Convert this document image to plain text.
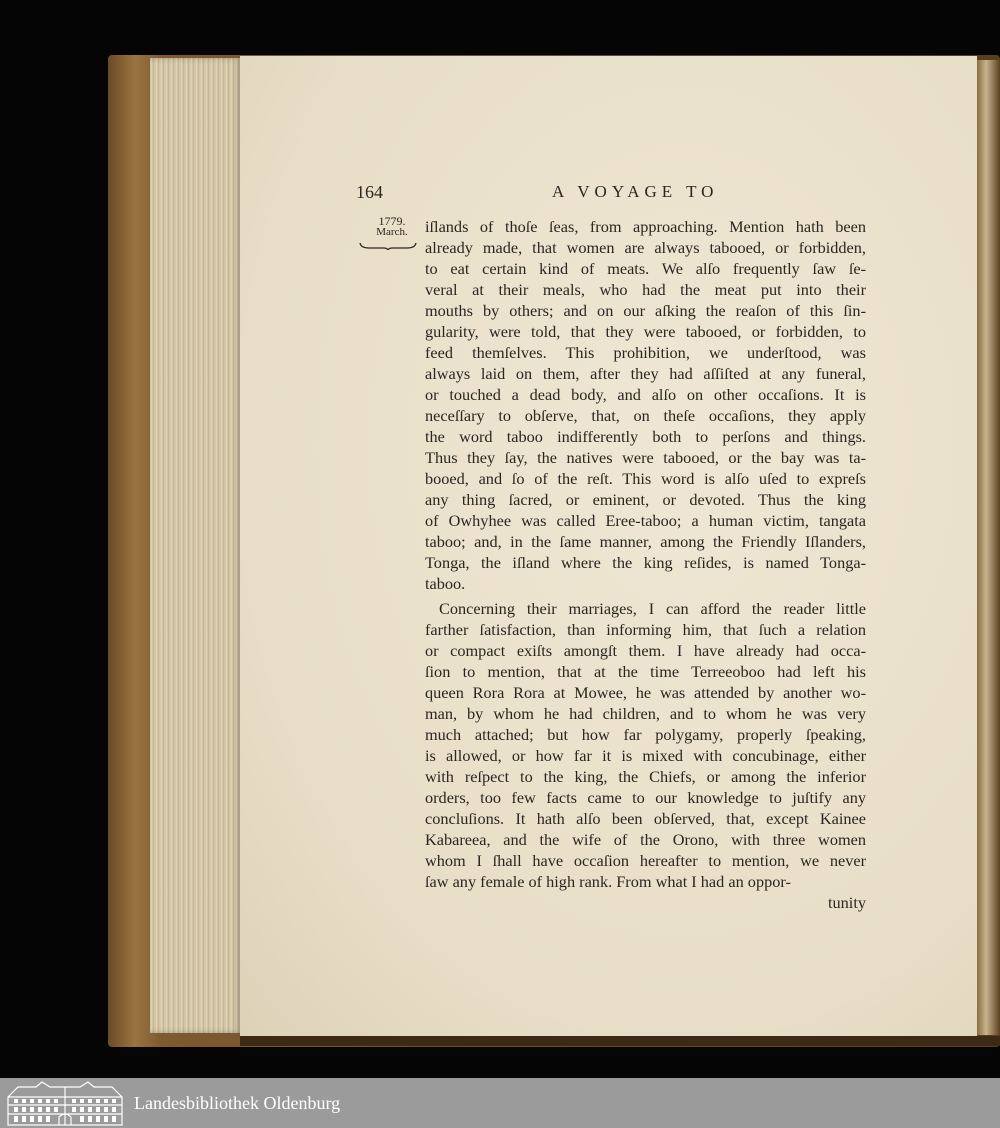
164	A VOYAGE TO
1779.
March.	iſlands of thoſe ſeas, from approaching. Mention hath been
already made, that women are always tabooed, or forbidden,
to eat certain kind of meats. We alſo frequently ſaw ſe-
veral at their meals, who had the meat put into their
mouths by others; and on our aſking the reaſon of this ſin-
gularity, were told, that they were tabooed, or forbidden, to
feed themſelves. This prohibition, we underſtood, was
always laid on them, after they had aſſiſted at any funeral,
or touched a dead body, and alſo on other occaſions. It is
neceſſary to obſerve, that, on theſe occaſions, they apply
the word taboo indifferently both to perſons and things.
Thus they ſay, the natives were tabooed, or the bay was ta-
booed, and ſo of the reſt. This word is alſo uſed to expreſs
any thing ſacred, or eminent, or devoted. Thus the king
of Owhyhee was called Eree-taboo; a human victim, tangata
taboo; and, in the ſame manner, among the Friendly Iſlanders,
Tonga, the iſland where the king reſides, is named Tonga-
taboo.
Concerning their marriages, I can afford the reader little
farther ſatisfaction, than informing him, that ſuch a relation
or compact exiſts amongſt them. I have already had occa-
ſion to mention, that at the time Terreeoboo had left his
queen Rora Rora at Mowee, he was attended by another wo-
man, by whom he had children, and to whom he was very
much attached; but how far polygamy, properly ſpeaking,
is allowed, or how far it is mixed with concubinage, either
with reſpect to the king, the Chiefs, or among the inferior
orders, too few facts came to our knowledge to juſtify any
concluſions. It hath alſo been obſerved, that, except Kainee
Kabareea, and the wife of the Orono, with three women
whom I ſhall have occaſion hereafter to mention, we never
ſaw any female of high rank. From what I had an oppor-
tunity
Landesbibliothek Oldenburg
